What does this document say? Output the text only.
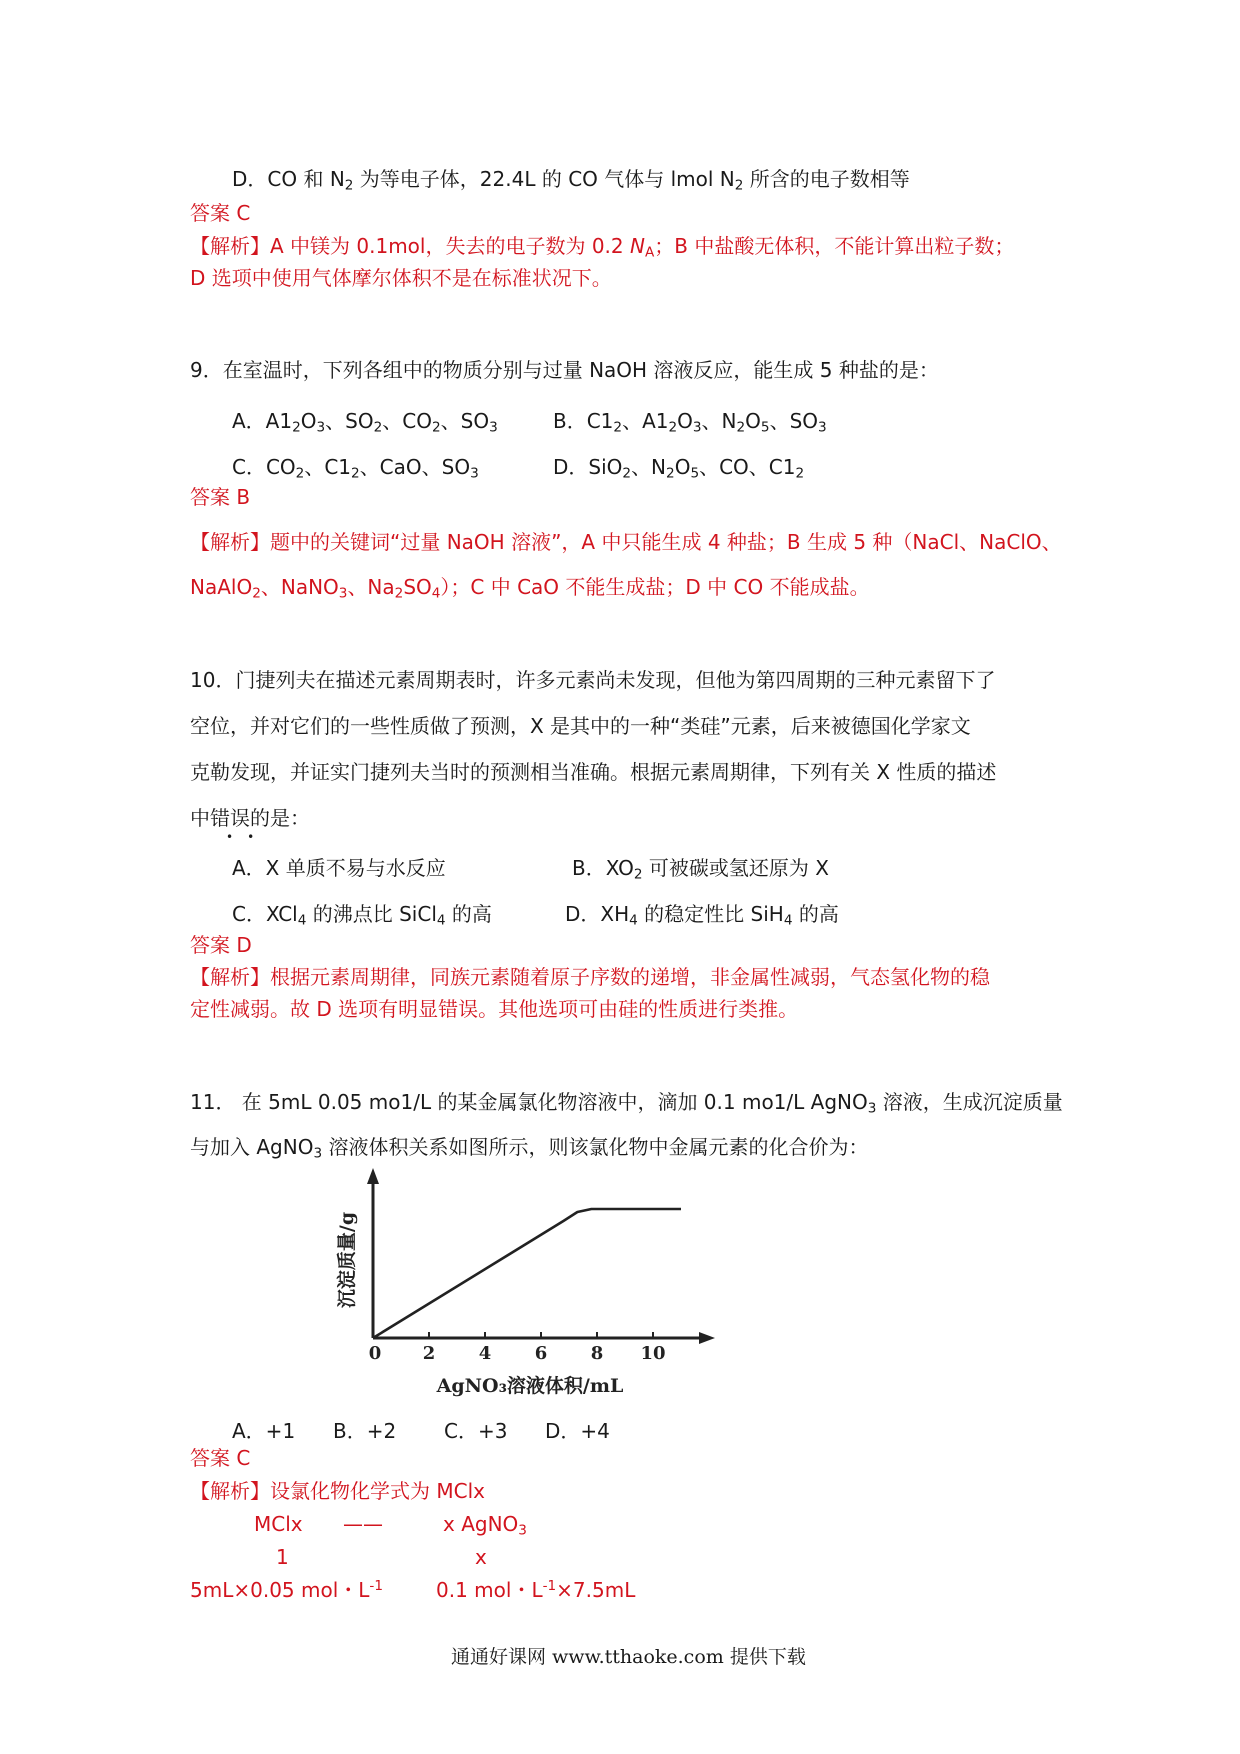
D．CO 和 $N_2$ 为等电子体，22.4L 的 CO 气体与 lmol $N_2$ 所含的电子数相等
答案 C
【解析】A 中镁为 0.1mol，失去的电子数为 0.2 $N_A$；B 中盐酸无体积，不能计算出粒子数；
D 选项中使用气体摩尔体积不是在标准状况下。
9．在室温时，下列各组中的物质分别与过量 NaOH 溶液反应，能生成 5 种盐的是：
A．$A1_2O_3$、$SO_2$、$CO_2$、$SO_3$	B．$C1_2$、$A1_2O_3$、$N_2O_5$、$SO_3$
C．$CO_2$、$C1_2$、CaO、$SO_3$	D．SiO$_2$、$N_2O_5$、CO、$C1_2$
答案 B
【解析】题中的关键词“过量 NaOH 溶液”，A 中只能生成 4 种盐；B 生成 5 种（NaCl、NaClO、
NaAlO$_2$、NaNO$_3$、$Na_2SO_4$）；C 中 CaO 不能生成盐；D 中 CO 不能成盐。
10．门捷列夫在描述元素周期表时，许多元素尚未发现，但他为第四周期的三种元素留下了
空位，并对它们的一些性质做了预测，X 是其中的一种“类硅”元素，后来被德国化学家文
克勒发现，并证实门捷列夫当时的预测相当准确。根据元素周期律，下列有关 X 性质的描述
中错误的是：
••
A．X 单质不易与水反应	B．$XO_2$ 可被碳或氢还原为 X
C．XCl$_4$ 的沸点比 SiCl$_4$ 的高	D．$XH_4$ 的稳定性比 SiH$_4$ 的高
答案 D
【解析】根据元素周期律，同族元素随着原子序数的递增，非金属性减弱，气态氢化物的稳
定性减弱。故 D 选项有明显错误。其他选项可由硅的性质进行类推。
11． 在 5mL 0.05 mo1/L 的某金属氯化物溶液中，滴加 0.1 mo1/L AgNO$_3$ 溶液，生成沉淀质量
与加入 AgNO$_3$ 溶液体积关系如图所示，则该氯化物中金属元素的化合价为：
0 2 4 6 8 10
AgNO₃溶液体积/mL
沉淀质量/g
A．+1 B．+2 C．+3 D．+4
答案 C
【解析】设氯化物化学式为 MClx
MClx ——	x AgNO$_3$
1	x
5mL×0.05 mol・$L^{-1}$	0.1 mol・$L^{-1}\times 7.5mL$
通通好课网 www.tthaoke.com 提供下载
